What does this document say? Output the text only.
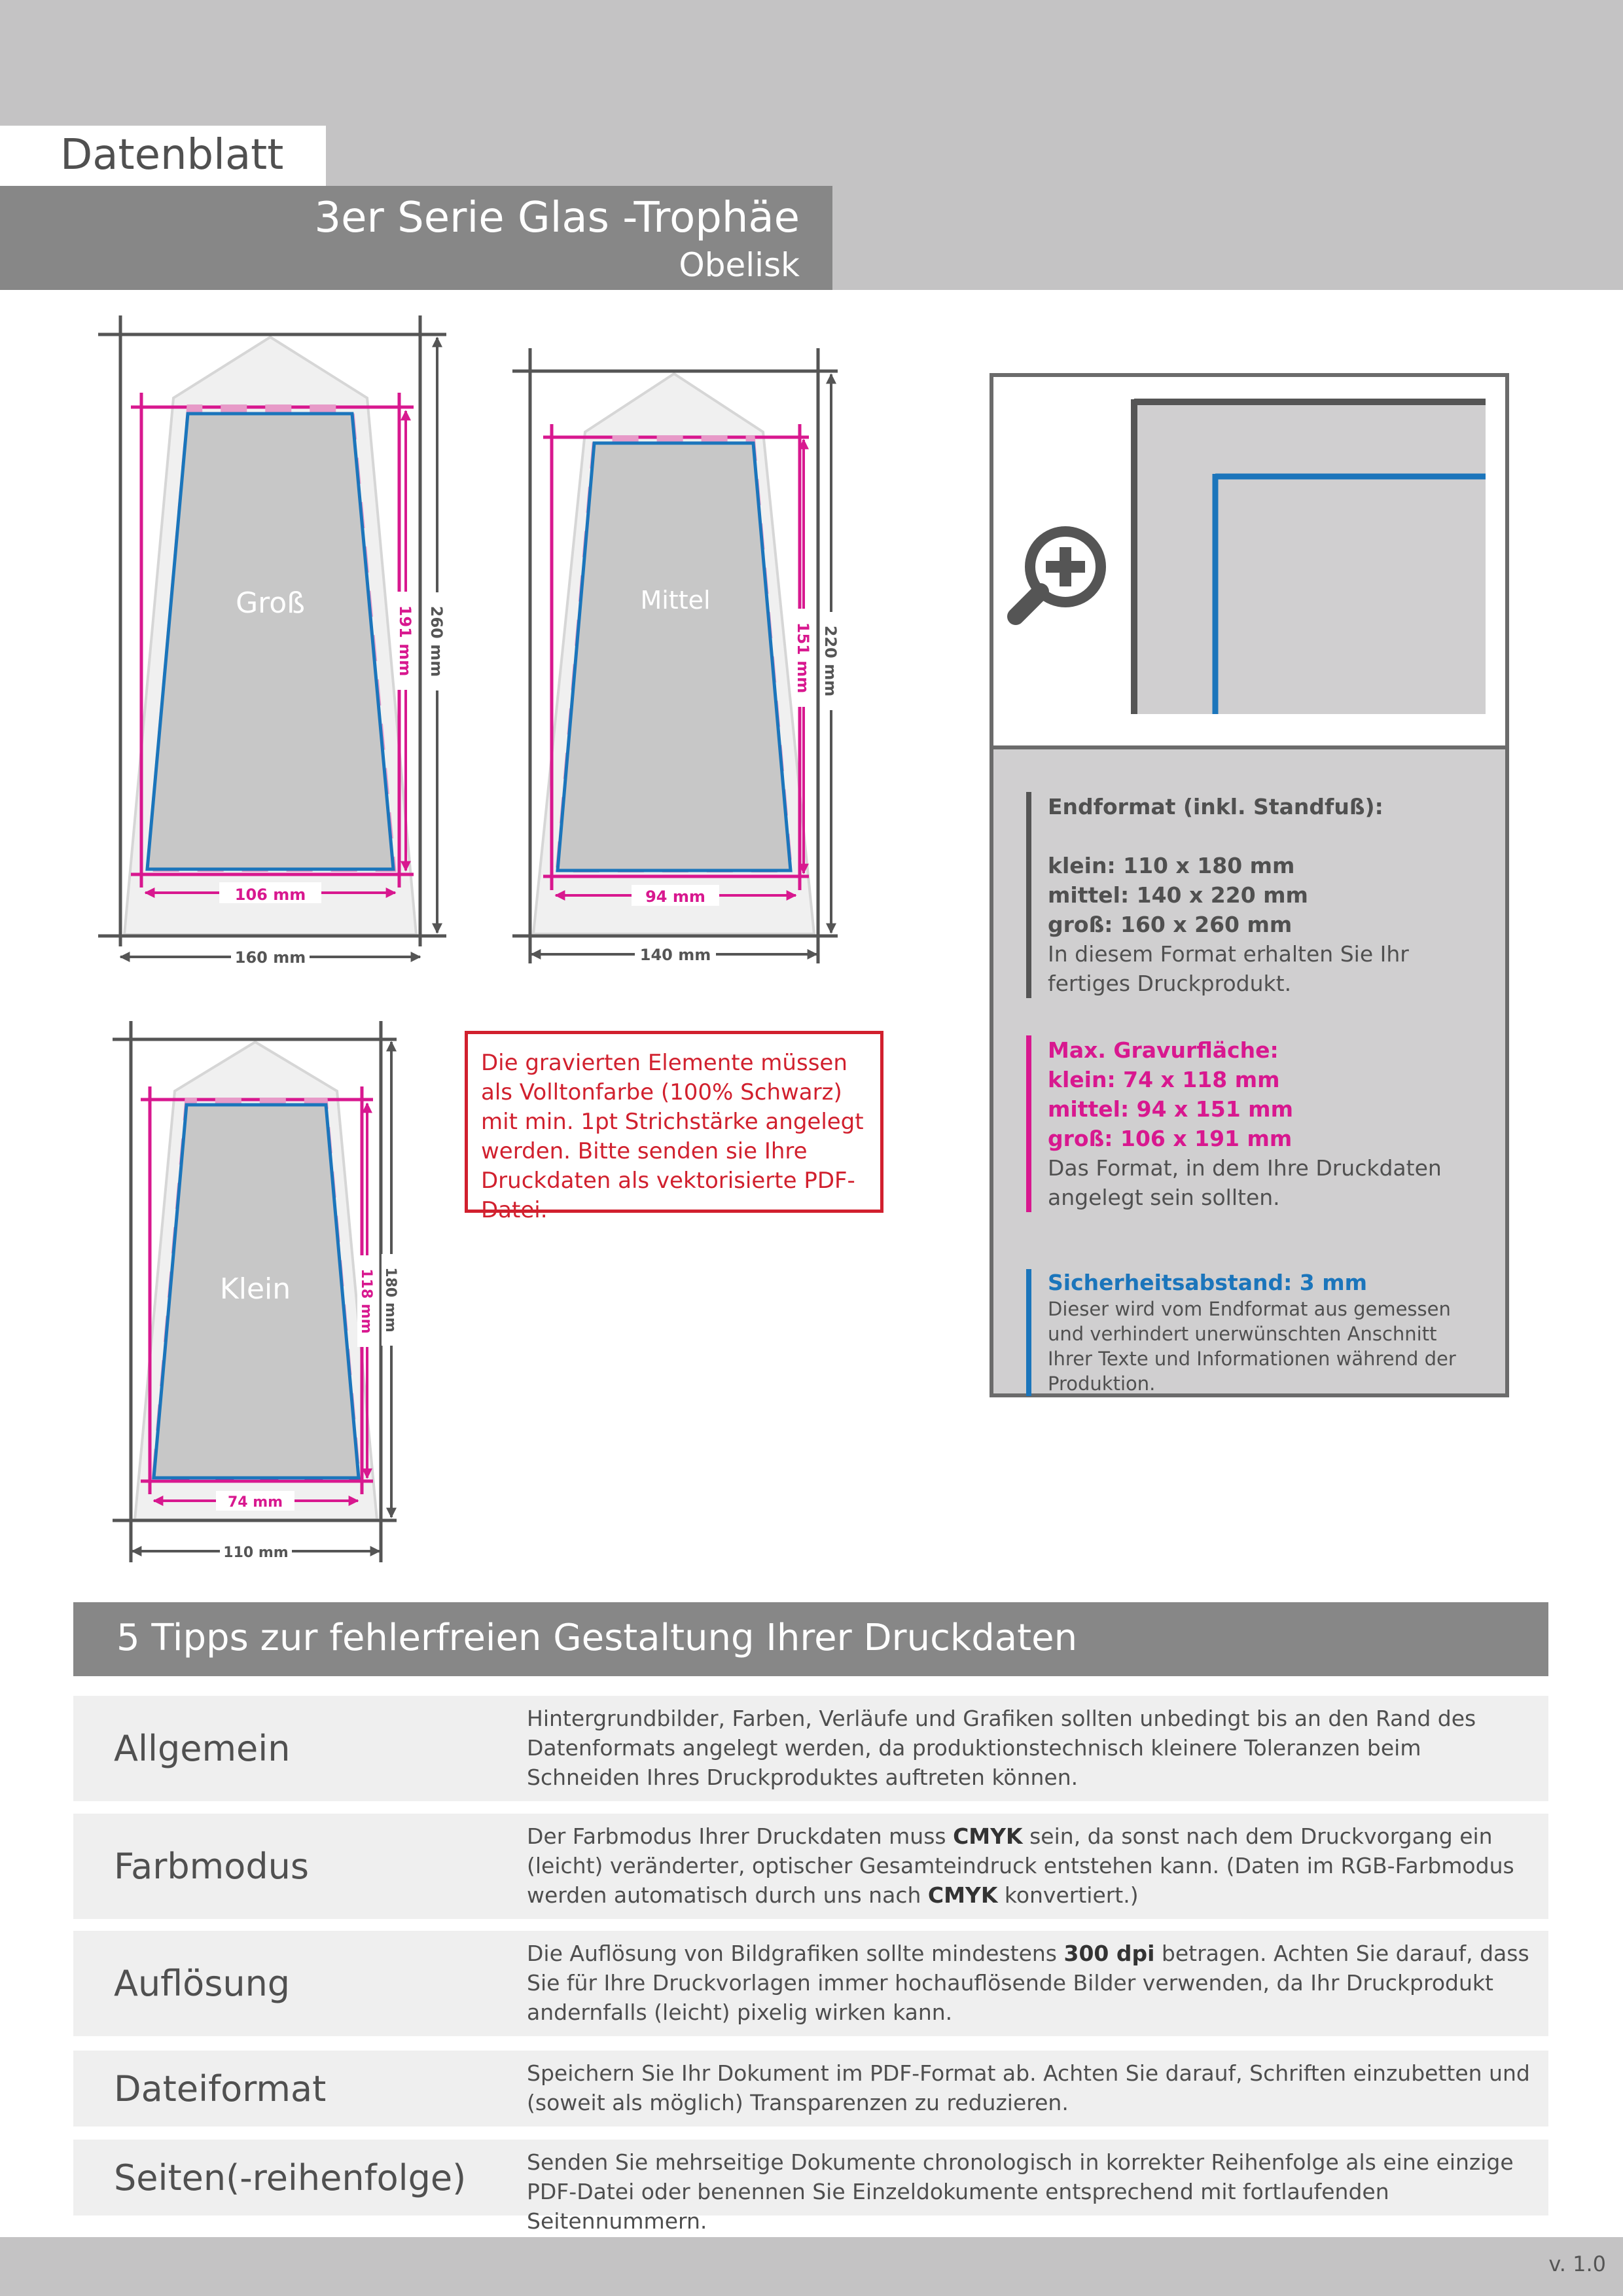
Datenblatt
3er Serie Glas -Trophäe
Obelisk
Groß
106 mm
191 mm 260 mm
160 mm
Mittel
94 mm
151 mm 220 mm
140 mm
Klein
74 mm
118 mm 180 mm
110 mm
Die gravierten Elemente müssen als Volltonfarbe (100% Schwarz) mit min. 1pt Strichstärke angelegt werden. Bitte senden sie Ihre Druckdaten als vektorisierte PDF-Datei.
Endformat (inkl. Standfuß):

klein: 110 x 180 mm
mittel: 140 x 220 mm
groß: 160 x 260 mm
In diesem Format erhalten Sie Ihr fertiges Druckprodukt.
Max. Gravurfläche:
klein: 74 x 118 mm
mittel: 94 x 151 mm
groß: 106 x 191 mm
Das Format, in dem Ihre Druckdaten angelegt sein sollten.
Sicherheitsabstand: 3 mm
Dieser wird vom Endformat aus gemessen und verhindert unerwünschten Anschnitt Ihrer Texte und Informationen während der Produktion.
5 Tipps zur fehlerfreien Gestaltung Ihrer Druckdaten
Allgemein
Hintergrundbilder, Farben, Verläufe und Grafiken sollten unbedingt bis an den Rand des Datenformats angelegt werden, da produktionstechnisch kleinere Toleranzen beim Schneiden Ihres Druckproduktes auftreten können.
Farbmodus
Der Farbmodus Ihrer Druckdaten muss CMYK sein, da sonst nach dem Druckvorgang ein (leicht) veränderter, optischer Gesamteindruck entstehen kann. (Daten im RGB-Farbmodus werden automatisch durch uns nach CMYK konvertiert.)
Auflösung
Die Auflösung von Bildgrafiken sollte mindestens 300 dpi betragen. Achten Sie darauf, dass Sie für Ihre Druckvorlagen immer hochauflösende Bilder verwenden, da Ihr Druckprodukt andernfalls (leicht) pixelig wirken kann.
Dateiformat	Speichern Sie Ihr Dokument im PDF-Format ab. Achten Sie darauf, Schriften einzubetten und (soweit als möglich) Transparenzen zu reduzieren.
Seiten(-reihenfolge)	Senden Sie mehrseitige Dokumente chronologisch in korrekter Reihenfolge als eine einzige PDF-Datei oder benennen Sie Einzeldokumente entsprechend mit fortlaufenden Seitennummern.
v. 1.0
